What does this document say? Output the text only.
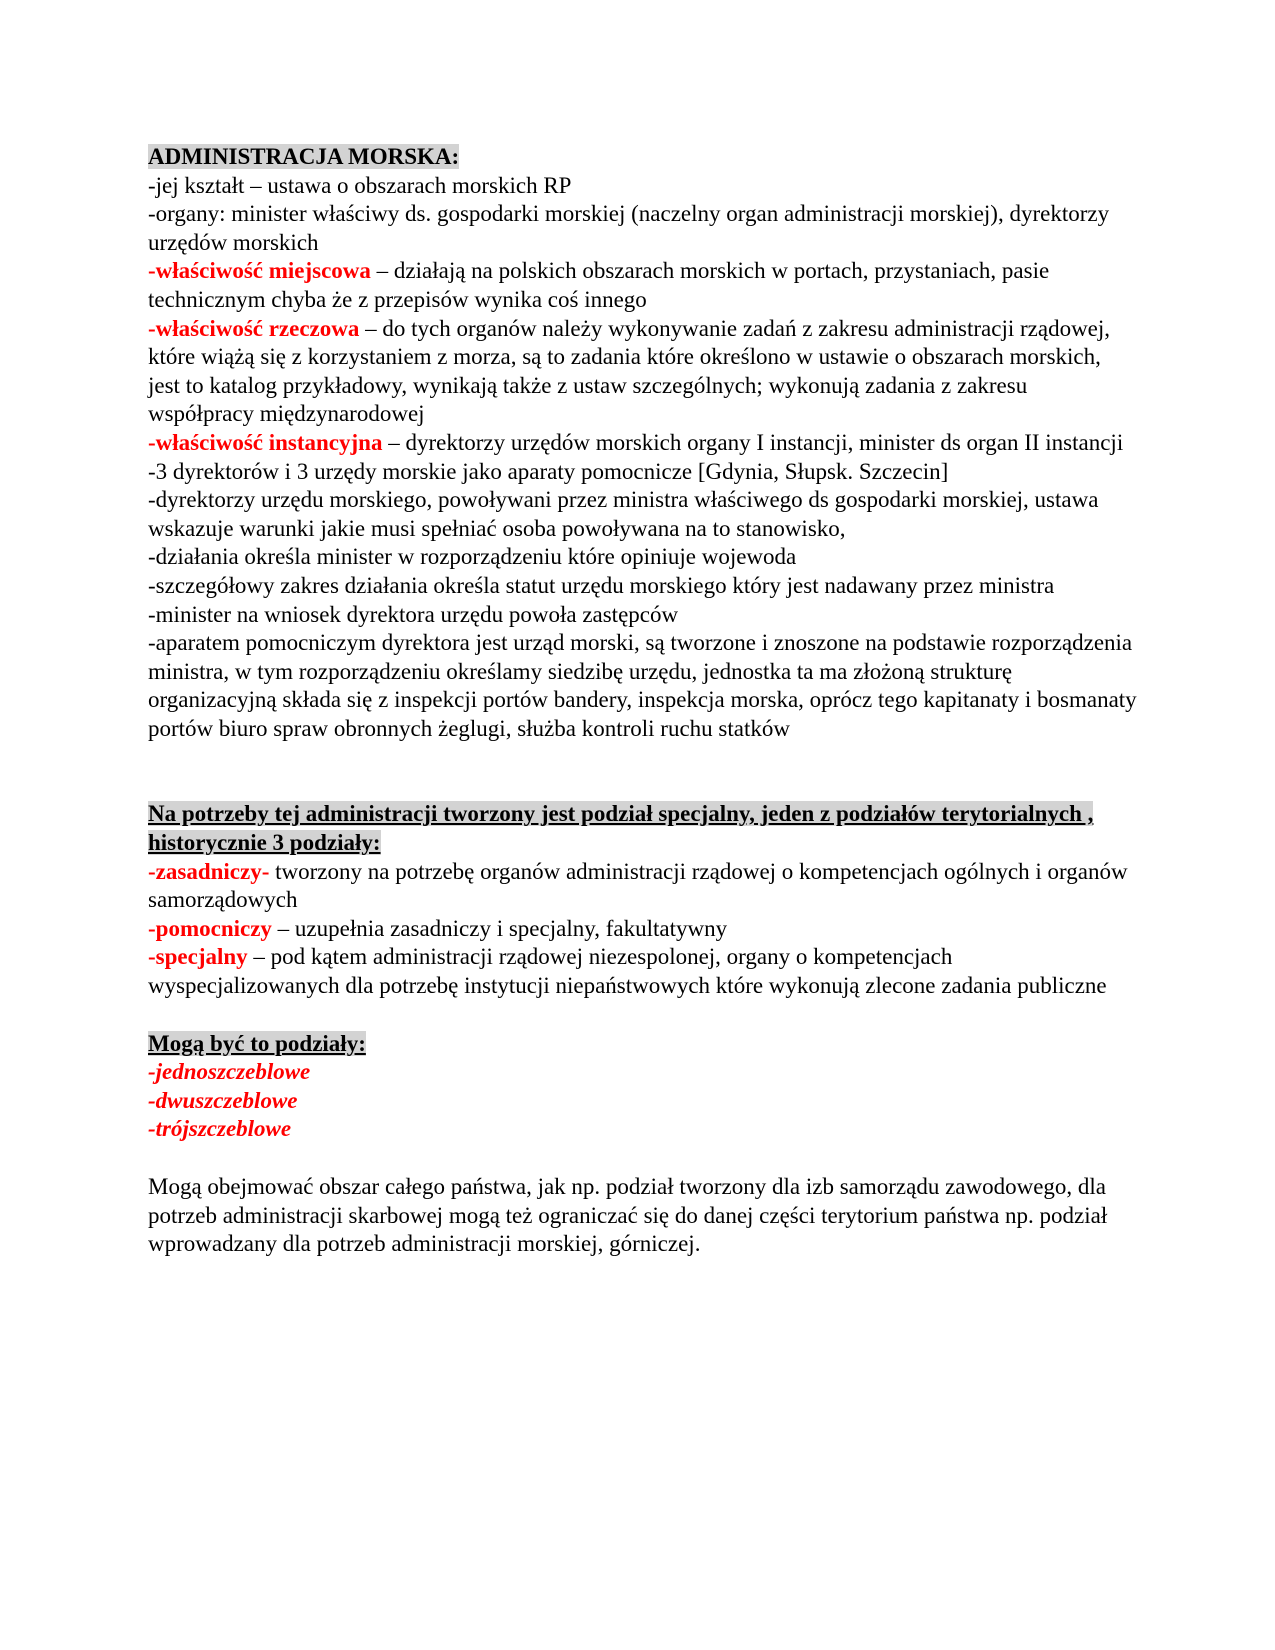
ADMINISTRACJA MORSKA:

-jej kształt – ustawa o obszarach morskich RP

-organy: minister właściwy ds. gospodarki morskiej (naczelny organ administracji morskiej), dyrektorzy urzędów morskich

-właściwość miejscowa – działają na polskich obszarach morskich w portach, przystaniach, pasie technicznym chyba że z przepisów wynika coś innego

-właściwość rzeczowa – do tych organów należy wykonywanie zadań z zakresu administracji rządowej, które wiążą się z korzystaniem z morza, są to zadania które określono w ustawie o obszarach morskich, jest to katalog przykładowy, wynikają także z ustaw szczególnych; wykonują zadania z zakresu współpracy międzynarodowej

-właściwość instancyjna – dyrektorzy urzędów morskich organy I instancji, minister ds organ II instancji

-3 dyrektorów i 3 urzędy morskie jako aparaty pomocnicze [Gdynia, Słupsk. Szczecin]

-dyrektorzy urzędu morskiego, powoływani przez ministra właściwego ds gospodarki morskiej, ustawa wskazuje warunki jakie musi spełniać osoba powoływana na to stanowisko,

-działania określa minister w rozporządzeniu które opiniuje wojewoda

-szczegółowy zakres działania określa statut urzędu morskiego który jest nadawany przez ministra

-minister na wniosek dyrektora urzędu powoła zastępców

-aparatem pomocniczym dyrektora jest urząd morski, są tworzone i znoszone na podstawie rozporządzenia ministra, w tym rozporządzeniu określamy siedzibę urzędu, jednostka ta ma złożoną strukturę organizacyjną składa się z inspekcji portów bandery, inspekcja morska, oprócz tego kapitanaty i bosmanaty portów biuro spraw obronnych żeglugi, służba kontroli ruchu statków

Na potrzeby tej administracji tworzony jest podział specjalny, jeden z podziałów terytorialnych , historycznie 3 podziały:

-zasadniczy- tworzony na potrzebę organów administracji rządowej o kompetencjach ogólnych i organów samorządowych

-pomocniczy – uzupełnia zasadniczy i specjalny, fakultatywny

-specjalny – pod kątem administracji rządowej niezespolonej, organy o kompetencjach wyspecjalizowanych dla potrzebę instytucji niepaństwowych które wykonują zlecone zadania publiczne

Mogą być to podziały:

-jednoszczeblowe

-dwuszczeblowe

-trójszczeblowe

Mogą obejmować obszar całego państwa, jak np. podział tworzony dla izb samorządu zawodowego, dla potrzeb administracji skarbowej mogą też ograniczać się do danej części terytorium państwa np. podział wprowadzany dla potrzeb administracji morskiej, górniczej.
